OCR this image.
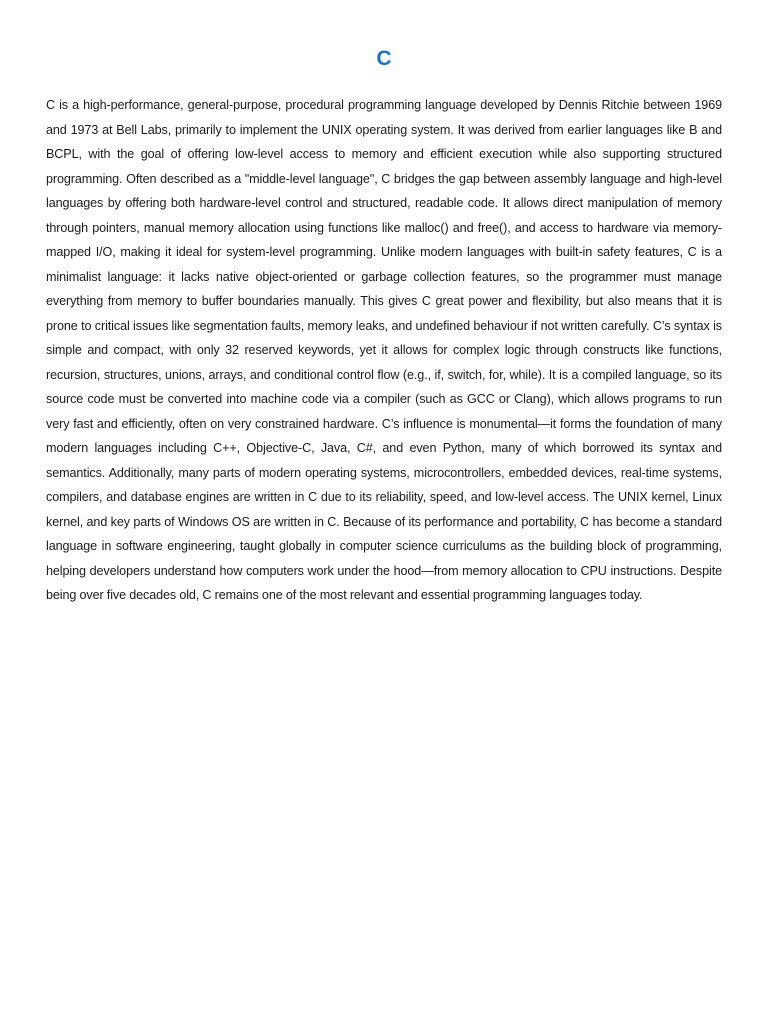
C

C is a high-performance, general-purpose, procedural programming language developed by Dennis Ritchie between 1969 and 1973 at Bell Labs, primarily to implement the UNIX operating system. It was derived from earlier languages like B and BCPL, with the goal of offering low-level access to memory and efficient execution while also supporting structured programming. Often described as a "middle-level language", C bridges the gap between assembly language and high-level languages by offering both hardware-level control and structured, readable code. It allows direct manipulation of memory through pointers, manual memory allocation using functions like malloc() and free(), and access to hardware via memory-mapped I/O, making it ideal for system-level programming. Unlike modern languages with built-in safety features, C is a minimalist language: it lacks native object-oriented or garbage collection features, so the programmer must manage everything from memory to buffer boundaries manually. This gives C great power and flexibility, but also means that it is prone to critical issues like segmentation faults, memory leaks, and undefined behaviour if not written carefully. C’s syntax is simple and compact, with only 32 reserved keywords, yet it allows for complex logic through constructs like functions, recursion, structures, unions, arrays, and conditional control flow (e.g., if, switch, for, while). It is a compiled language, so its source code must be converted into machine code via a compiler (such as GCC or Clang), which allows programs to run very fast and efficiently, often on very constrained hardware. C’s influence is monumental—it forms the foundation of many modern languages including C++, Objective-C, Java, C#, and even Python, many of which borrowed its syntax and semantics. Additionally, many parts of modern operating systems, microcontrollers, embedded devices, real-time systems, compilers, and database engines are written in C due to its reliability, speed, and low-level access. The UNIX kernel, Linux kernel, and key parts of Windows OS are written in C. Because of its performance and portability, C has become a standard language in software engineering, taught globally in computer science curriculums as the building block of programming, helping developers understand how computers work under the hood—from memory allocation to CPU instructions. Despite being over five decades old, C remains one of the most relevant and essential programming languages today.
